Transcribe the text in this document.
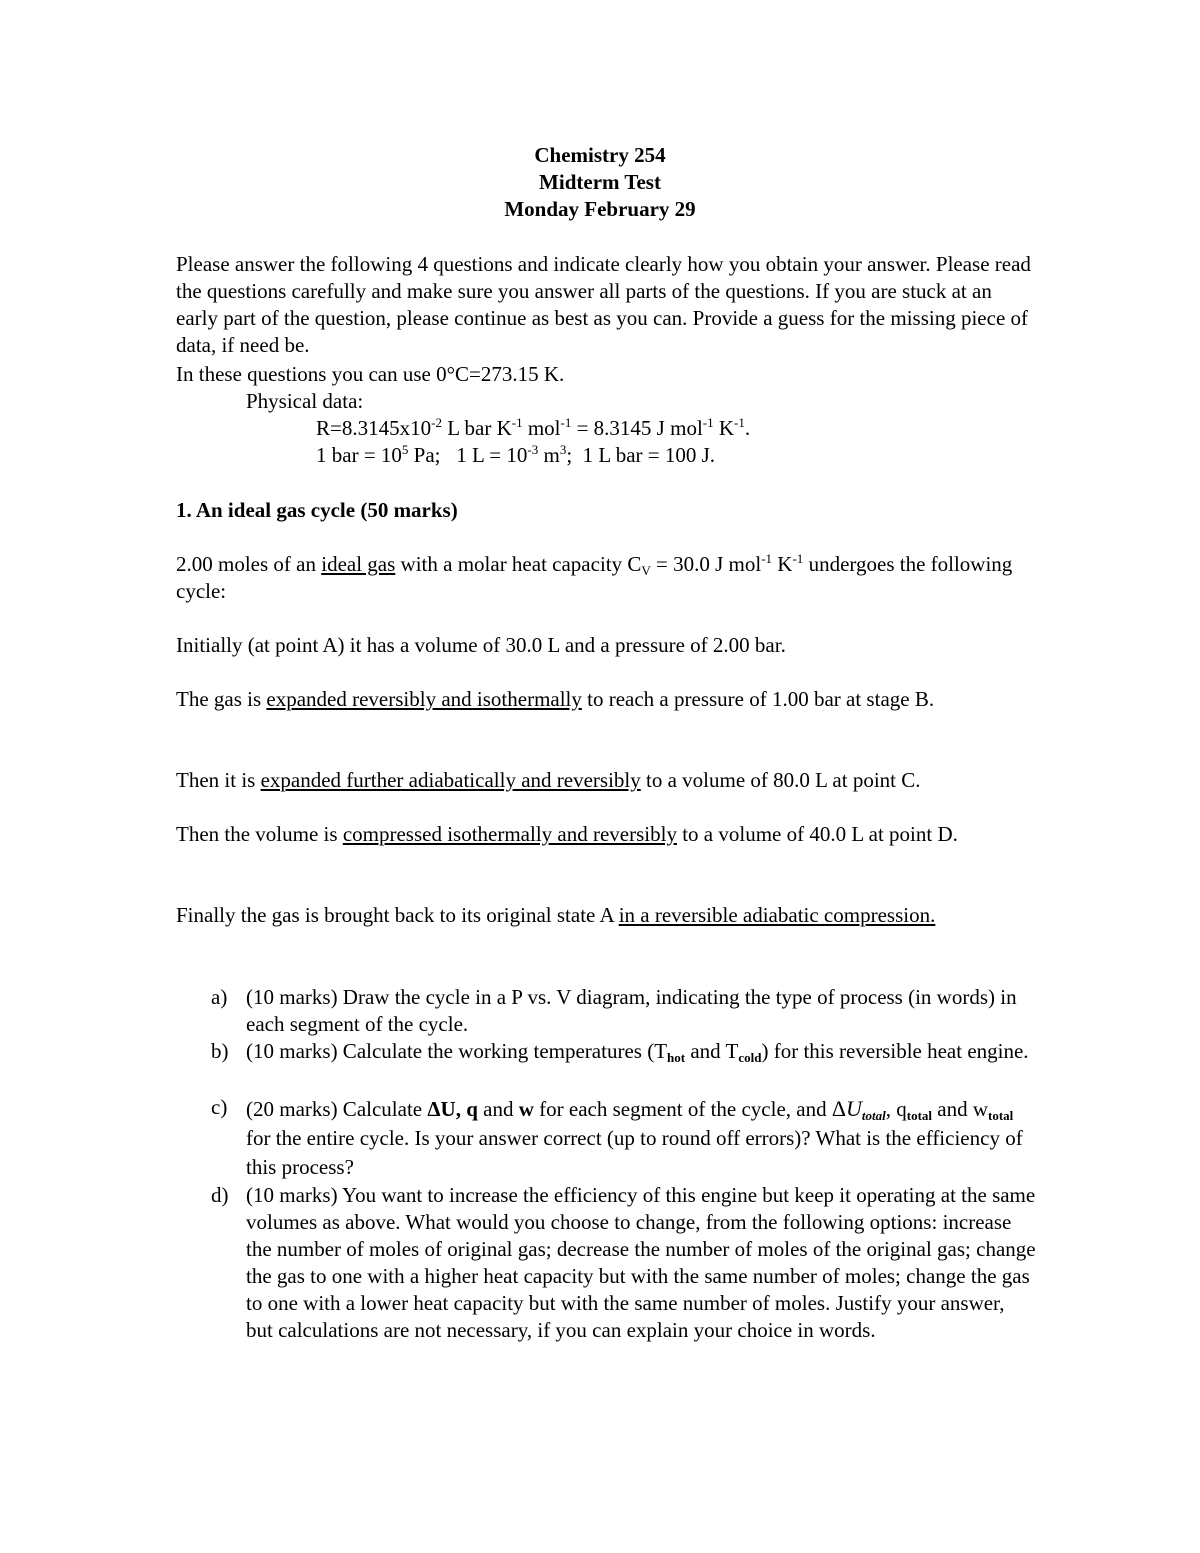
Chemistry 254
Midterm Test
Monday February 29
Please answer the following 4 questions and indicate clearly how you obtain your answer. Please read the questions carefully and make sure you answer all parts of the questions. If you are stuck at an early part of the question, please continue as best as you can. Provide a guess for the missing piece of data, if need be.
In these questions you can use 0°C=273.15 K.
Physical data:
$R=8.3145x10^{-2}$ L bar $K^{-1}$ mol$^{-1}$ = 8.3145 J mol$^{-1}$ $K^{-1}$.
1 bar = $10^5$ Pa;   1 $L = 10^{-3}$ $m^3$;  1 L bar = 100 J.
1. An ideal gas cycle (50 marks)
2.00 moles of an ideal gas with a molar heat capacity $C_V = 30.0$ J mol$^{-1}$ $K^{-1}$ undergoes the following cycle:
Initially (at point A) it has a volume of 30.0 L and a pressure of 2.00 bar.
The gas is expanded reversibly and isothermally to reach a pressure of 1.00 bar at stage B.
Then it is expanded further adiabatically and reversibly to a volume of 80.0 L at point C.
Then the volume is compressed isothermally and reversibly to a volume of 40.0 L at point D.
Finally the gas is brought back to its original state A in a reversible adiabatic compression.
a) (10 marks) Draw the cycle in a P vs. V diagram, indicating the type of process (in words) in each segment of the cycle.
b) (10 marks) Calculate the working temperatures ($T_{hot}$ and $T_{cold}$) for this reversible heat engine.
c) (20 marks) Calculate ΔU, q and w for each segment of the cycle, and $\Delta U_{total}$, $q_{total}$ and $w_{total}$ for the entire cycle. Is your answer correct (up to round off errors)? What is the efficiency of this process?
d) (10 marks) You want to increase the efficiency of this engine but keep it operating at the same volumes as above. What would you choose to change, from the following options: increase the number of moles of original gas; decrease the number of moles of the original gas; change the gas to one with a higher heat capacity but with the same number of moles; change the gas to one with a lower heat capacity but with the same number of moles. Justify your answer, but calculations are not necessary, if you can explain your choice in words.
